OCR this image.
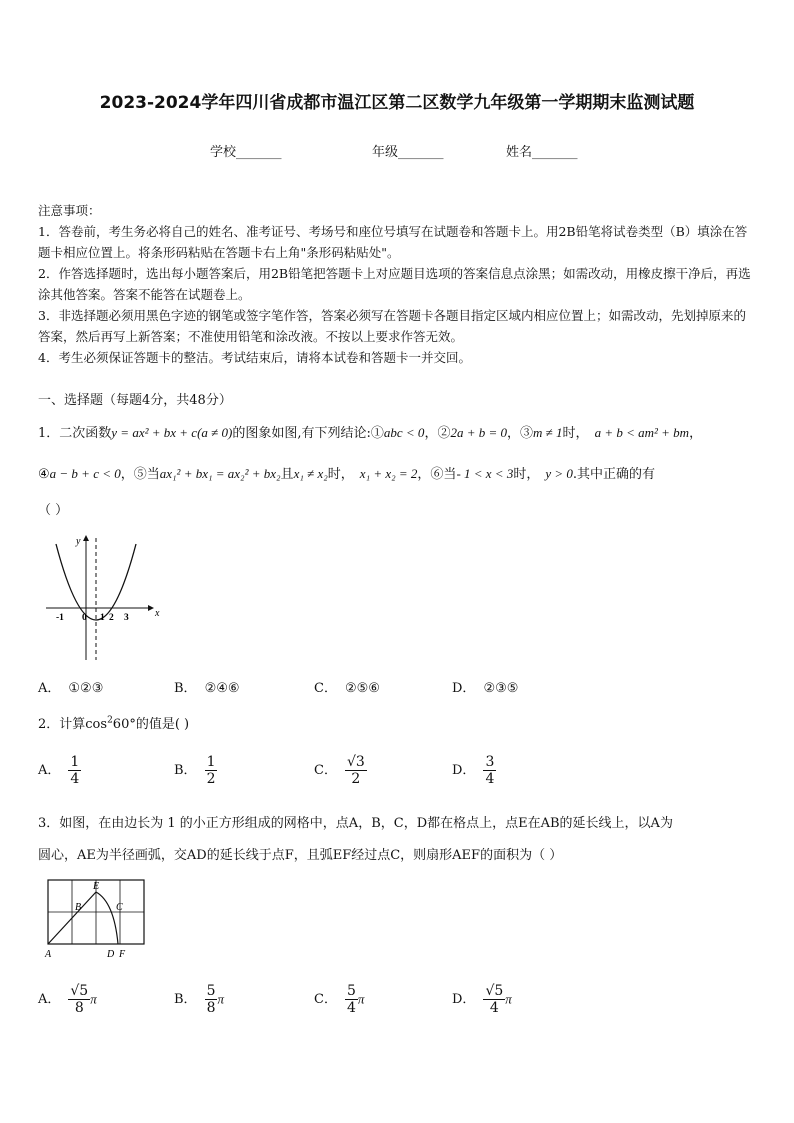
2023-2024学年四川省成都市温江区第二区数学九年级第一学期期末监测试题
学校_______	年级_______	姓名_______
注意事项：
1．答卷前，考生务必将自己的姓名、准考证号、考场号和座位号填写在试题卷和答题卡上。用2B铅笔将试卷类型（B）填涂在答题卡相应位置上。将条形码粘贴在答题卡右上角"条形码粘贴处"。
2．作答选择题时，选出每小题答案后，用2B铅笔把答题卡上对应题目选项的答案信息点涂黑；如需改动，用橡皮擦干净后，再选涂其他答案。答案不能答在试题卷上。
3．非选择题必须用黑色字迹的钢笔或签字笔作答，答案必须写在答题卡各题目指定区域内相应位置上；如需改动，先划掉原来的答案，然后再写上新答案；不准使用铅笔和涂改液。不按以上要求作答无效。
4．考生必须保证答题卡的整洁。考试结束后，请将本试卷和答题卡一并交回。
一、选择题（每题4分，共48分）
1．二次函数y = ax² + bx + c(a ≠ 0)的图象如图,有下列结论:①abc < 0，②2a + b = 0，③m ≠ 1时， a + b < am² + bm，
④a − b + c < 0，⑤当ax₁² + bx₁ = ax₂² + bx₂且x₁ ≠ x₂时， x₁ + x₂ = 2，⑥当- 1 < x < 3时， y > 0.其中正确的有
（ ）
x
y
-1 0 1 2 3
A． ①②③	B． ②④⑥	C． ②⑤⑥	D． ②③⑤
2．计算$\cos^260^\circ$的值是( )
A． $\frac{1}{4}$	B． $\frac{1}{2}$	C． $\frac{√3}{2}$	D． $\frac{3}{4}$
3．如图，在由边长为 1 的小正方形组成的网格中，点A，B，C，D都在格点上，点E在AB的延长线上，以A为
圆心，AE为半径画弧，交AD的延长线于点F，且弧EF经过点C，则扇形AEF的面积为（ ）
E
B	C
A	D F
A． $\frac{√5}{8}$ π	B． $\frac{5}{8}$ π	C． $\frac{5}{4}$ π	D． $\frac{√5}{4}$ π
